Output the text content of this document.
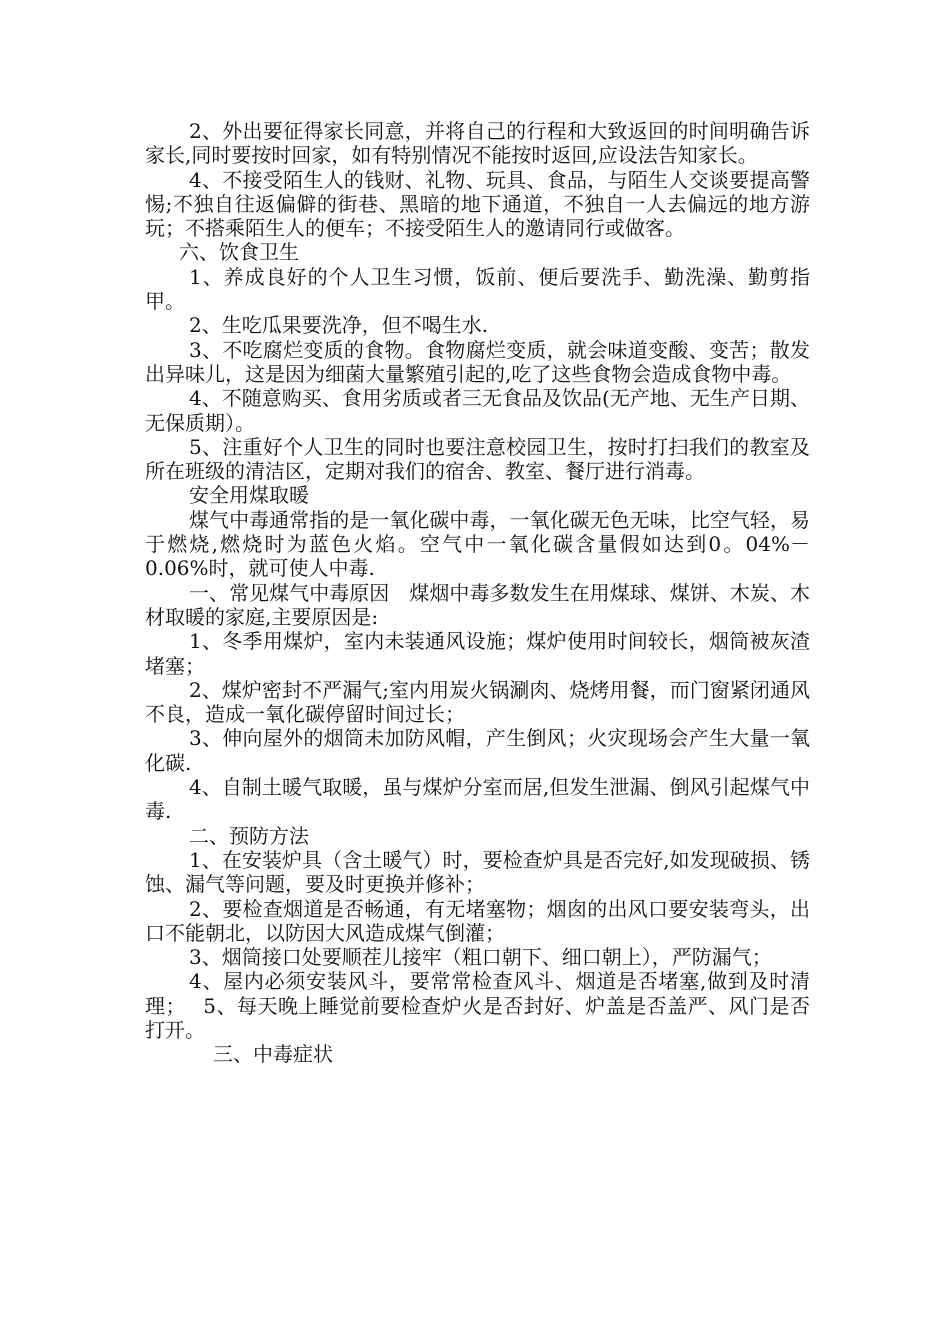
2、外出要征得家长同意，并将自己的行程和大致返回的时间明确告诉家长,同时要按时回家，如有特别情况不能按时返回,应设法告知家长。

4、不接受陌生人的钱财、礼物、玩具、食品，与陌生人交谈要提高警惕;不独自往返偏僻的街巷、黑暗的地下通道，不独自一人去偏远的地方游玩；不搭乘陌生人的便车；不接受陌生人的邀请同行或做客。

六、饮食卫生

1、养成良好的个人卫生习惯，饭前、便后要洗手、勤洗澡、勤剪指甲。

2、生吃瓜果要洗净，但不喝生水.

3、不吃腐烂变质的食物。食物腐烂变质，就会味道变酸、变苦；散发出异味儿，这是因为细菌大量繁殖引起的,吃了这些食物会造成食物中毒。

4、不随意购买、食用劣质或者三无食品及饮品(无产地、无生产日期、无保质期）。

5、注重好个人卫生的同时也要注意校园卫生，按时打扫我们的教室及所在班级的清洁区，定期对我们的宿舍、教室、餐厅进行消毒。

安全用煤取暖

煤气中毒通常指的是一氧化碳中毒，一氧化碳无色无味，比空气轻，易于燃烧,燃烧时为蓝色火焰。空气中一氧化碳含量假如达到0。04%－0.06%时，就可使人中毒.

一、常见煤气中毒原因　煤烟中毒多数发生在用煤球、煤饼、木炭、木材取暖的家庭,主要原因是:

1、冬季用煤炉，室内未装通风设施；煤炉使用时间较长，烟筒被灰渣堵塞；

2、煤炉密封不严漏气;室内用炭火锅涮肉、烧烤用餐，而门窗紧闭通风不良，造成一氧化碳停留时间过长；

3、伸向屋外的烟筒未加防风帽，产生倒风；火灾现场会产生大量一氧化碳.

4、自制土暖气取暖，虽与煤炉分室而居,但发生泄漏、倒风引起煤气中毒.

二、预防方法

1、在安装炉具（含土暖气）时，要检查炉具是否完好,如发现破损、锈蚀、漏气等问题，要及时更换并修补；

2、要检查烟道是否畅通，有无堵塞物；烟囱的出风口要安装弯头，出口不能朝北，以防因大风造成煤气倒灌；

3、烟筒接口处要顺茬儿接牢（粗口朝下、细口朝上），严防漏气；

4、屋内必须安装风斗，要常常检查风斗、烟道是否堵塞,做到及时清理；　 5、每天晚上睡觉前要检查炉火是否封好、炉盖是否盖严、风门是否打开。

三、中毒症状
